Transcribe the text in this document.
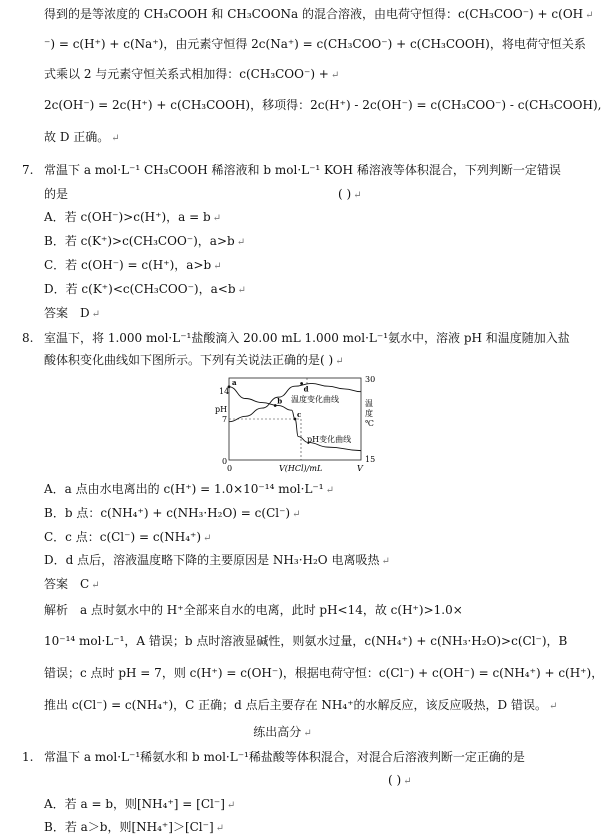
得到的是等浓度的 CH₃COOH 和 CH₃COONa 的混合溶液，由电荷守恒得：c(CH₃COO⁻) + c(OH ↵
⁻) = c(H⁺) + c(Na⁺)，由元素守恒得 2c(Na⁺) = c(CH₃COO⁻) + c(CH₃COOH)，将电荷守恒关系
式乘以 2 与元素守恒关系式相加得：c(CH₃COO⁻) + ↵
2c(OH⁻) = 2c(H⁺) + c(CH₃COOH)，移项得：2c(H⁺) - 2c(OH⁻) = c(CH₃COO⁻) - c(CH₃COOH),
故 D 正确。 ↵
7. 常温下 a mol·L⁻¹ CH₃COOH 稀溶液和 b mol·L⁻¹ KOH 稀溶液等体积混合，下列判断一定错误
的是	( ) ↵
A．若 c(OH⁻)>c(H⁺)，a = b ↵
B．若 c(K⁺)>c(CH₃COO⁻)，a>b ↵
C．若 c(OH⁻) = c(H⁺)，a>b ↵
D．若 c(K⁺)<c(CH₃COO⁻)，a<b ↵
答案　D ↵
8. 室温下，将 1.000 mol·L⁻¹盐酸滴入 20.00 mL 1.000 mol·L⁻¹氨水中，溶液 pH 和温度随加入盐
酸体积变化曲线如下图所示。下列有关说法正确的是( ) ↵
a
b
c
d
14
pH
7
0
0	V(HCl)/mL	V
30
温
度
℃
15
温度变化曲线
pH变化曲线
A．a 点由水电离出的 c(H⁺) = 1.0×10⁻¹⁴ mol·L⁻¹ ↵
B．b 点：c(NH₄⁺) + c(NH₃·H₂O) = c(Cl⁻) ↵
C．c 点：c(Cl⁻) = c(NH₄⁺) ↵
D．d 点后，溶液温度略下降的主要原因是 NH₃·H₂O 电离吸热 ↵
答案　C ↵
解析　a 点时氨水中的 H⁺全部来自水的电离，此时 pH<14，故 c(H⁺)>1.0×
10⁻¹⁴ mol·L⁻¹，A 错误；b 点时溶液显碱性，则氨水过量，c(NH₄⁺) + c(NH₃·H₂O)>c(Cl⁻)，B
错误；c 点时 pH = 7，则 c(H⁺) = c(OH⁻)，根据电荷守恒：c(Cl⁻) + c(OH⁻) = c(NH₄⁺) + c(H⁺)，
推出 c(Cl⁻) = c(NH₄⁺)，C 正确；d 点后主要存在 NH₄⁺的水解反应，该反应吸热，D 错误。 ↵
练出高分 ↵
1. 常温下 a mol·L⁻¹稀氨水和 b mol·L⁻¹稀盐酸等体积混合，对混合后溶液判断一定正确的是
( ) ↵
A．若 a = b，则[NH₄⁺] = [Cl⁻] ↵
B．若 a＞b，则[NH₄⁺]＞[Cl⁻] ↵
